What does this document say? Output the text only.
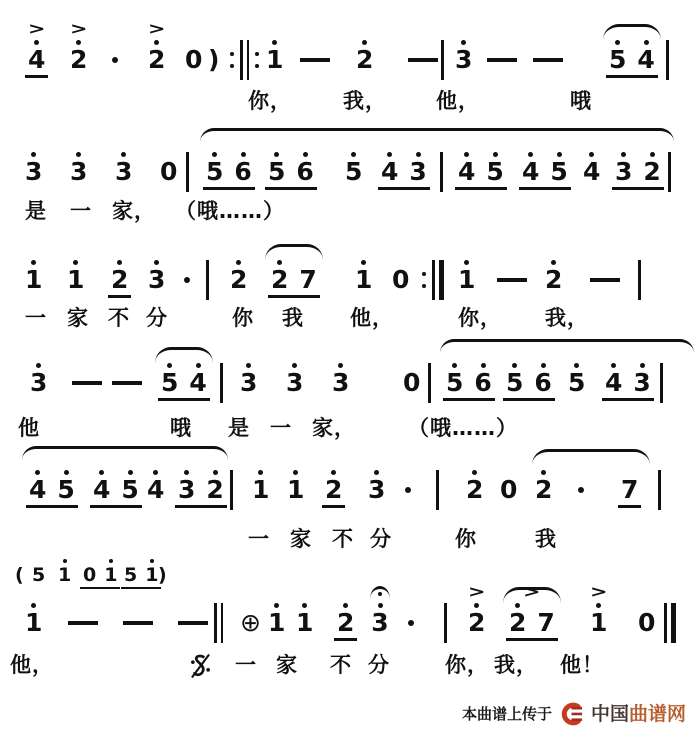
>
4
>
2
>
2 0 ) 1	2	3	5 4
你， 我， 他，	哦
3 3 3 0 5 6 5 6 5 4 3 4 5 4 5 4 3 2
是 一 家， （哦……）
1 1 2 3	2 2 7 1 0 1	2
一 家 不 分	你 我 他，	你， 我，
3	5 4 3 3 3 0 5 6 5 6 5 4 3
他	哦 是 一 家， （哦……）
4 5 4 5 4 3 2 1 1 2 3	2 0 2	7
一 家 不 分	你	我
( 5 1 0 1 5 1 )
1	⊕ 1 1 2 3
>
2
>
2 7
>
1 0
他，	一 家 不 分	你， 我， 他！
本曲谱上传于 中国 曲谱网
